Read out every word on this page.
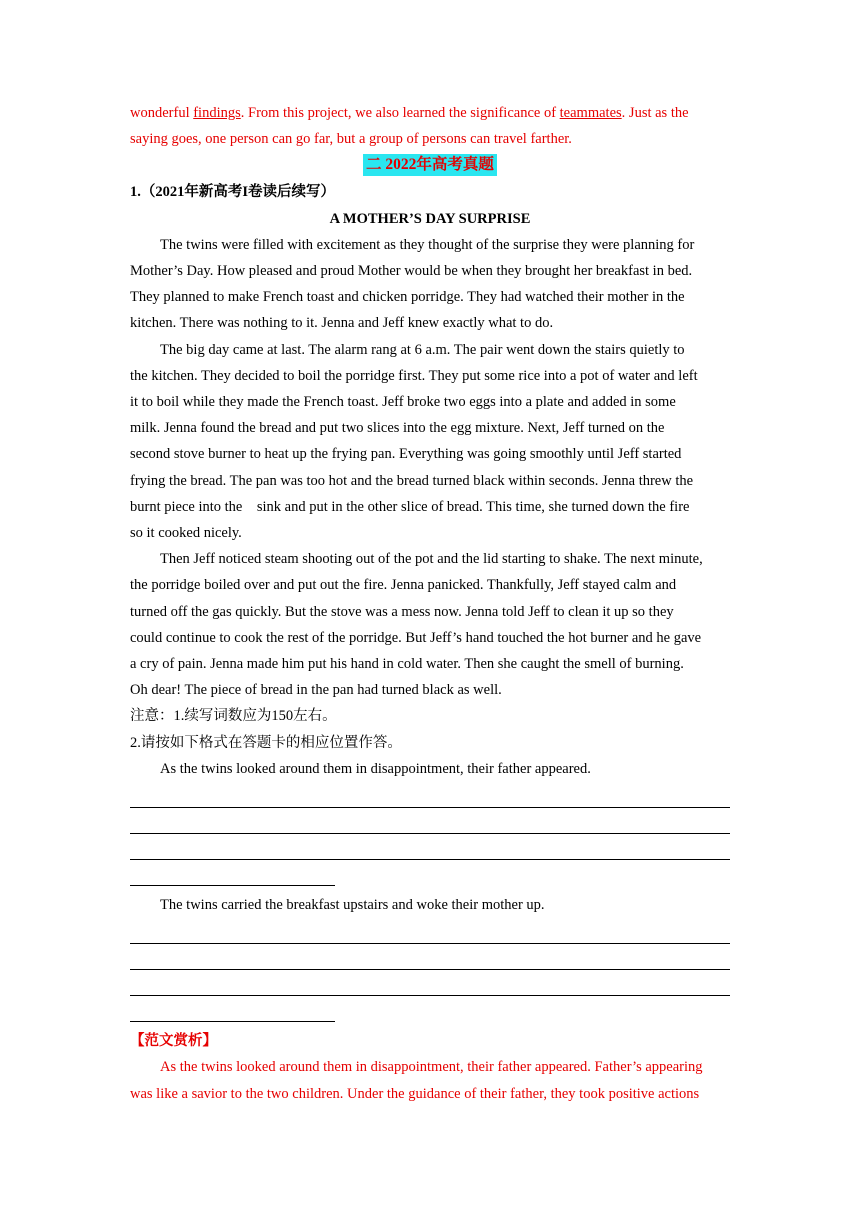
wonderful findings. From this project, we also learned the significance of teammates. Just as the

saying goes, one person can go far, but a group of persons can travel farther.

二 2022年高考真题

1.（2021年新高考I卷读后续写）

A MOTHER’S DAY SURPRISE

The twins were filled with excitement as they thought of the surprise they were planning for

Mother’s Day. How pleased and proud Mother would be when they brought her breakfast in bed.

They planned to make French toast and chicken porridge. They had watched their mother in the

kitchen. There was nothing to it. Jenna and Jeff knew exactly what to do.

The big day came at last. The alarm rang at 6 a.m. The pair went down the stairs quietly to

the kitchen. They decided to boil the porridge first. They put some rice into a pot of water and left

it to boil while they made the French toast. Jeff broke two eggs into a plate and added in some

milk. Jenna found the bread and put two slices into the egg mixture. Next, Jeff turned on the

second stove burner to heat up the frying pan. Everything was going smoothly until Jeff started

frying the bread. The pan was too hot and the bread turned black within seconds. Jenna threw the

burnt piece into the    sink and put in the other slice of bread. This time, she turned down the fire

so it cooked nicely.

Then Jeff noticed steam shooting out of the pot and the lid starting to shake. The next minute,

the porridge boiled over and put out the fire. Jenna panicked. Thankfully, Jeff stayed calm and

turned off the gas quickly. But the stove was a mess now. Jenna told Jeff to clean it up so they

could continue to cook the rest of the porridge. But Jeff’s hand touched the hot burner and he gave

a cry of pain. Jenna made him put his hand in cold water. Then she caught the smell of burning.

Oh dear! The piece of bread in the pan had turned black as well.

注意：1.续写词数应为150左右。

2.请按如下格式在答题卡的相应位置作答。

As the twins looked around them in disappointment, their father appeared.

The twins carried the breakfast upstairs and woke their mother up.

【范文赏析】

As the twins looked around them in disappointment, their father appeared. Father’s appearing

was like a savior to the two children. Under the guidance of their father, they took positive actions
